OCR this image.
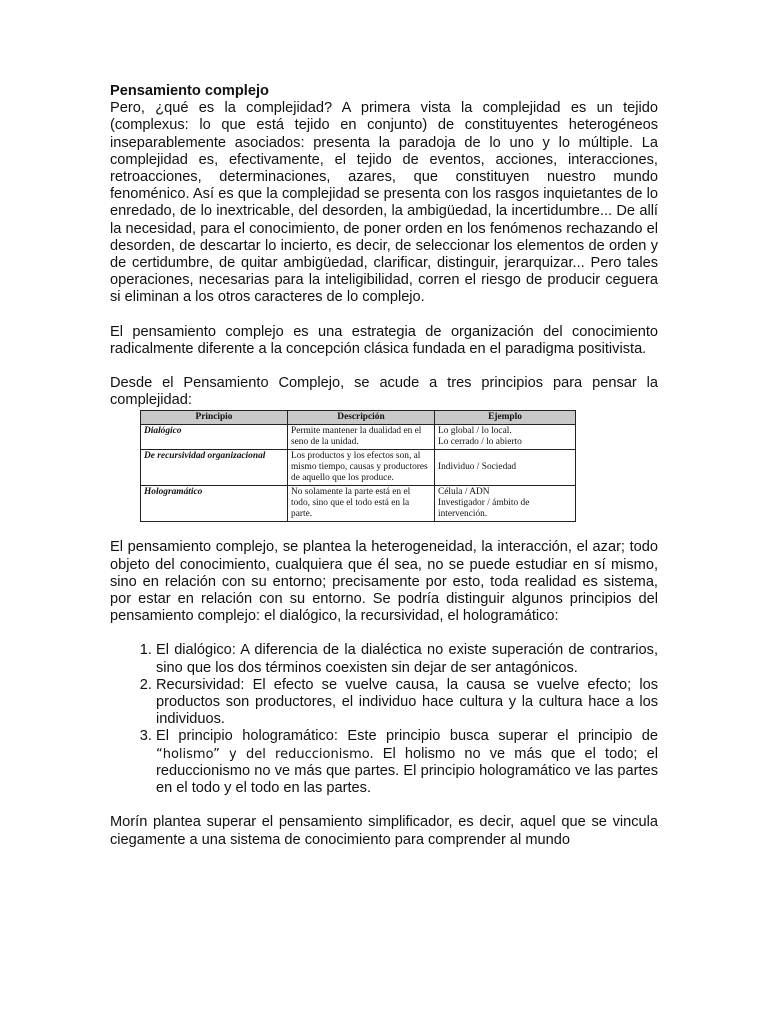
Pensamiento complejo

Pero, ¿qué es la complejidad? A primera vista la complejidad es un tejido (complexus: lo que está tejido en conjunto) de constituyentes heterogéneos inseparablemente asociados: presenta la paradoja de lo uno y lo múltiple. La complejidad es, efectivamente, el tejido de eventos, acciones, interacciones, retroacciones, determinaciones, azares, que constituyen nuestro mundo fenoménico. Así es que la complejidad se presenta con los rasgos inquietantes de lo enredado, de lo inextricable, del desorden, la ambigüedad, la incertidumbre... De allí la necesidad, para el conocimiento, de poner orden en los fenómenos rechazando el desorden, de descartar lo incierto, es decir, de seleccionar los elementos de orden y de certidumbre, de quitar ambigüedad, clarificar, distinguir, jerarquizar... Pero tales operaciones, necesarias para la inteligibilidad, corren el riesgo de producir ceguera si eliminan a los otros caracteres de lo complejo.

El pensamiento complejo es una estrategia de organización del conocimiento radicalmente diferente a la concepción clásica fundada en el paradigma positivista.

Desde el Pensamiento Complejo, se acude a tres principios para pensar la complejidad:

Principio	Descripción	Ejemplo
Dialógico	Permite mantener la dualidad en el seno de la unidad.	Lo global / lo local.
Lo cerrado / lo abierto

De recursividad organizacional	Los productos y los efectos son, al mismo tiempo, causas y productores de aquello que los produce.	Individuo / Sociedad

Hologramático	No solamente la parte está en el todo, sino que el todo está en la parte.	Célula / ADN
Investigador / ámbito de intervención.

El pensamiento complejo, se plantea la heterogeneidad, la interacción, el azar; todo objeto del conocimiento, cualquiera que él sea, no se puede estudiar en sí mismo, sino en relación con su entorno; precisamente por esto, toda realidad es sistema, por estar en relación con su entorno. Se podría distinguir algunos principios del pensamiento complejo: el dialógico, la recursividad, el hologramático:

1. El dialógico: A diferencia de la dialéctica no existe superación de contrarios, sino que los dos términos coexisten sin dejar de ser antagónicos.
2. Recursividad: El efecto se vuelve causa, la causa se vuelve efecto; los productos son productores, el individuo hace cultura y la cultura hace a los individuos.
3. El principio hologramático: Este principio busca superar el principio de “holismo” y del reduccionismo. El holismo no ve más que el todo; el reduccionismo no ve más que partes. El principio hologramático ve las partes en el todo y el todo en las partes.

Morín plantea superar el pensamiento simplificador, es decir, aquel que se vincula ciegamente a una sistema de conocimiento para comprender al mundo
